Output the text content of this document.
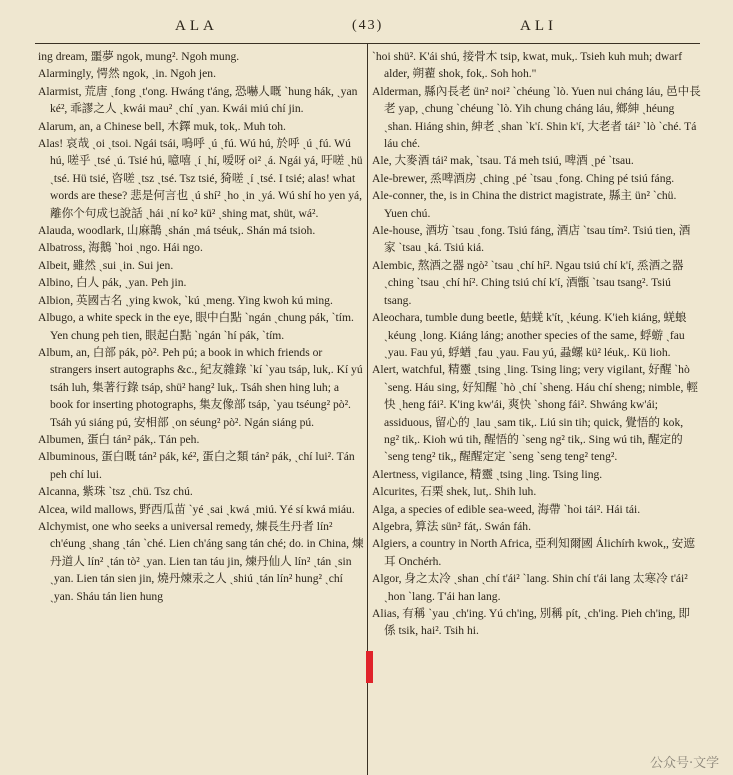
ALA	(43)	ALI
ing dream, 噩夢 ngok, mung². Ngoh mung.
Alarmingly, 愕然 ngok, ˏin. Ngoh jen.
Alarmist, 荒唐 ˏfong ˏt'ong. Hwáng t'áng, 恐嚇人嘅 ˋhung hák, ˏyan ké², 乖謬之人 ˏkwái mau² ˏchí ˏyan. Kwái miú chí jin.
Alarum, an, a Chinese bell, 木鐸 muk, tok,. Muh toh.
Alas! 哀哉 ˏoi ˏtsoi. Ngái tsái, 嗚呼 ˏú ˏfú. Wú hú, 於呼 ˏú ˏfú. Wú hú, 嗟乎 ˏtsé ˏú. Tsié hú, 噫嘻 ˏí ˏhí, 嗳呀 oi² ˏá. Ngái yá, 吁嗟 ˏhü ˏtsé. Hü tsié, 咨嗟 ˏtsz ˏtsé. Tsz tsié, 猗嗟 ˏí ˏtsé. I tsié; alas! what words are these? 悲是何言也 ˏú shí² ˏho ˏin ˏyá. Wú shí ho yen yá, 離你个句成乜說話 ˏhái ˏní ko² kü² ˏshing mat, shüt, wá².
Alauda, woodlark, 山麻鵲 ˏshán ˏmá tséuk,. Shán má tsioh.
Albatross, 海鵝 ˋhoi ˏngo. Hái ngo.
Albeit, 雖然 ˏsui ˏin. Sui jen.
Albino, 白人 pák, ˏyan. Peh jin.
Albion, 英國古名 ˏying kwok, ˋkú ˏmeng. Ying kwoh kú ming.
Albugo, a white speck in the eye, 眼中白點 ˋngán ˏchung pák, ˋtím. Yen chung peh tien, 眼起白點 ˋngán ˋhí pák, ˋtím.
Album, an, 白部 pák, pò². Peh pú; a book in which friends or strangers insert autographs &c., 紀友雜錄 ˋkí ˋyau tsáp, luk,. Kí yú tsáh luh, 集著行錄 tsáp, shü² hang² luk,. Tsáh shen hing luh; a book for inserting photographs, 集友像部 tsáp, ˋyau tséung² pò². Tsáh yú siáng pú, 安相部 ˏon séung² pò². Ngán siáng pú.
Albumen, 蛋白 tán² pák,. Tán peh.
Albuminous, 蛋白嘅 tán² pák, ké², 蛋白之類 tán² pák, ˏchí lui². Tán peh chí lui.
Alcanna, 紫珠 ˋtsz ˏchü. Tsz chú.
Alcea, wild mallows, 野西瓜苗 ˋyé ˏsai ˏkwá ˏmiú. Yé sí kwá miáu.
Alchymist, one who seeks a universal remedy, 煉長生丹者 lín² ch'éung ˏshang ˏtán ˋché. Lien ch'áng sang tán ché; do. in China, 煉丹道人 lín² ˏtán tò² ˏyan. Lien tan táu jin, 煉丹仙人 lín² ˏtán ˏsin ˏyan. Lien tán sien jin, 燒丹煉汞之人 ˏshiú ˏtán lín² hung² ˏchí ˏyan. Sháu tán lien hung
ˋhoi shü². K'ái shú, 接骨木 tsip, kwat, muk,. Tsieh kuh muh; dwarf alder, 朔藋 shok, fok,. Soh hoh."
Alderman, 縣內長老 ün² noi² ˋchéung ˋlò. Yuen nui cháng láu, 邑中長老 yap, ˏchung ˋchéung ˋlò. Yih chung cháng láu, 鄉紳 ˏhéung ˏshan. Hiáng shin, 紳老 ˏshan ˋk'í. Shin k'í, 大老者 tái² ˋlò ˋché. Tá láu ché.
Ale, 大麥酒 tái² mak, ˋtsau. Tá meh tsiú, 啤酒 ˏpé ˋtsau.
Ale-brewer, 烝啤酒房 ˏching ˏpé ˋtsau ˏfong. Ching pé tsiú fáng.
Ale-conner, the, is in China the district magistrate, 縣主 ün² ˋchü. Yuen chú.
Ale-house, 酒坊 ˋtsau ˏfong. Tsiú fáng, 酒店 ˋtsau tím². Tsiú tien, 酒家 ˋtsau ˏká. Tsiú kiá.
Alembic, 熬酒之器 ngò² ˋtsau ˏchí hí². Ngau tsiú chí k'í, 烝酒之器 ˏching ˋtsau ˏchí hí². Ching tsiú chí k'í, 酒甑 ˋtsau tsang². Tsiú tsang.
Aleochara, tumble dung beetle, 蛣蜣 k'ít, ˏkéung. K'ieh kiáng, 蜣蜋 ˏkéung ˏlong. Kiáng láng; another species of the same, 蜉蝣 ˏfau ˏyau. Fau yú, 蜉蝤 ˏfau ˏyau. Fau yú, 蝨螺 kü² léuk,. Kü lioh.
Alert, watchful, 精靈 ˏtsing ˏling. Tsing ling; very vigilant, 好醒 ˋhò ˋseng. Háu sing, 好知醒 ˋhò ˏchí ˋsheng. Háu chí sheng; nimble, 輕快 ˏheng fái². K'ing kw'ái, 爽快 ˋshong fái². Shwáng kw'ái; assiduous, 留心的 ˏlau ˏsam tik,. Liú sin tih; quick, 覺悟的 kok, ng² tik,. Kioh wú tih, 醒悟的 ˋseng ng² tik,. Sing wú tih, 醒定的 ˋseng teng² tik,, 醒醒定定 ˋseng ˋseng teng² teng².
Alertness, vigilance, 精靈 ˏtsing ˏling. Tsing ling.
Alcurites, 石栗 shek, lut,. Shih luh.
Alga, a species of edible sea-weed, 海帶 ˋhoi tái². Hái tái.
Algebra, 算法 sün² fát,. Swán fáh.
Algiers, a country in North Africa, 亞利知爾國 Álichírh kwok,, 安遮耳 Onchérh.
Algor, 身之太冷 ˏshan ˏchí t'ái² ˋlang. Shin chí t'ái lang 太寒冷 t'ái² ˏhon ˋlang. T'ái han lang.
Alias, 有稱 ˋyau ˏch'ing. Yú ch'ing, 別稱 pít, ˏch'ing. Pieh ch'ing, 即係 tsik, hai². Tsih hi.
公众号·文学
